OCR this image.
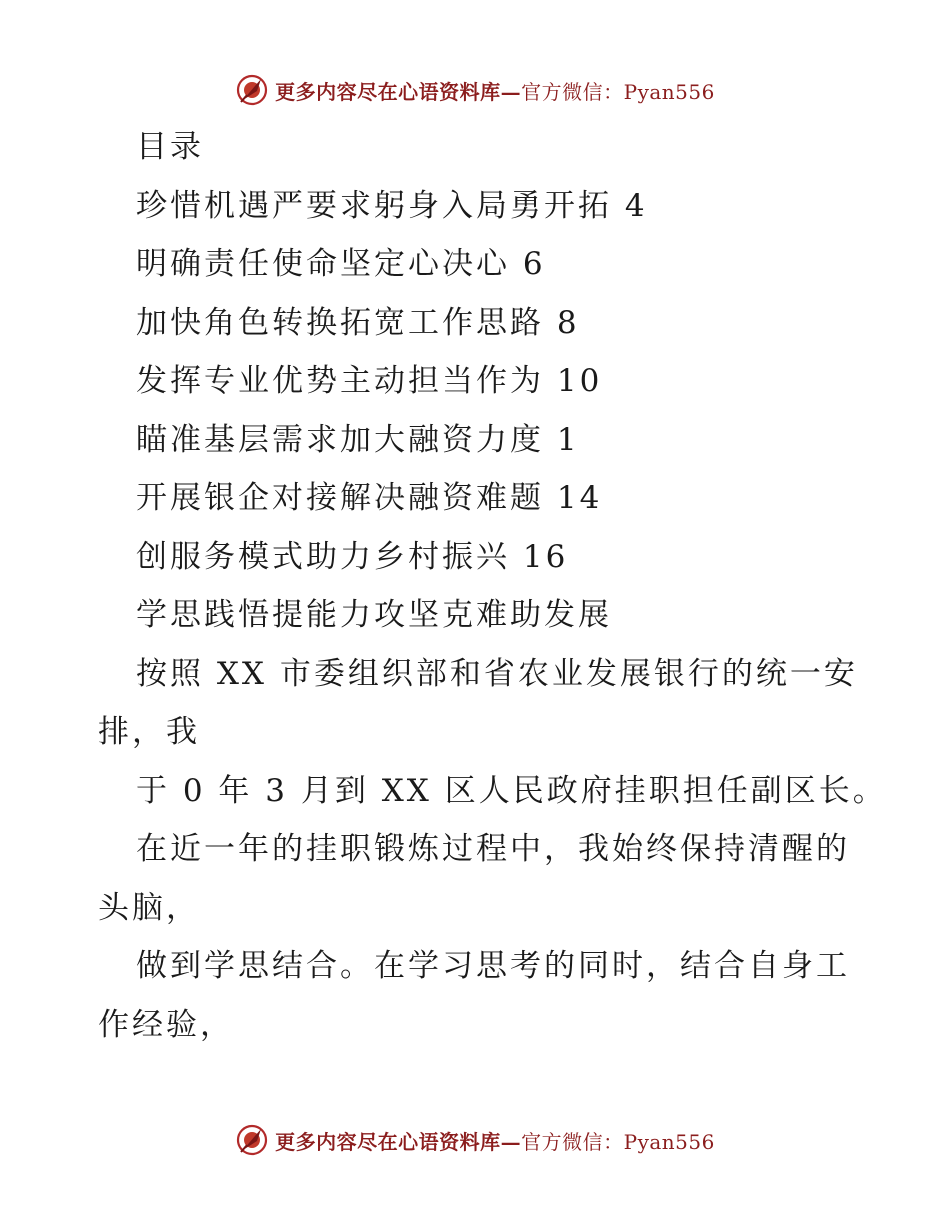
更多内容尽在心语资料库—官方微信：Pyan556
目录
珍惜机遇严要求躬身入局勇开拓 4
明确责任使命坚定心决心 6
加快角色转换拓宽工作思路 8
发挥专业优势主动担当作为 10
瞄准基层需求加大融资力度 1
开展银企对接解决融资难题 14
创服务模式助力乡村振兴 16
学思践悟提能力攻坚克难助发展
按照 XX 市委组织部和省农业发展银行的统一安
排，我
于 0 年 3 月到 XX 区人民政府挂职担任副区长。
在近一年的挂职锻炼过程中，我始终保持清醒的
头脑，
做到学思结合。在学习思考的同时，结合自身工
作经验，
更多内容尽在心语资料库—官方微信：Pyan556
